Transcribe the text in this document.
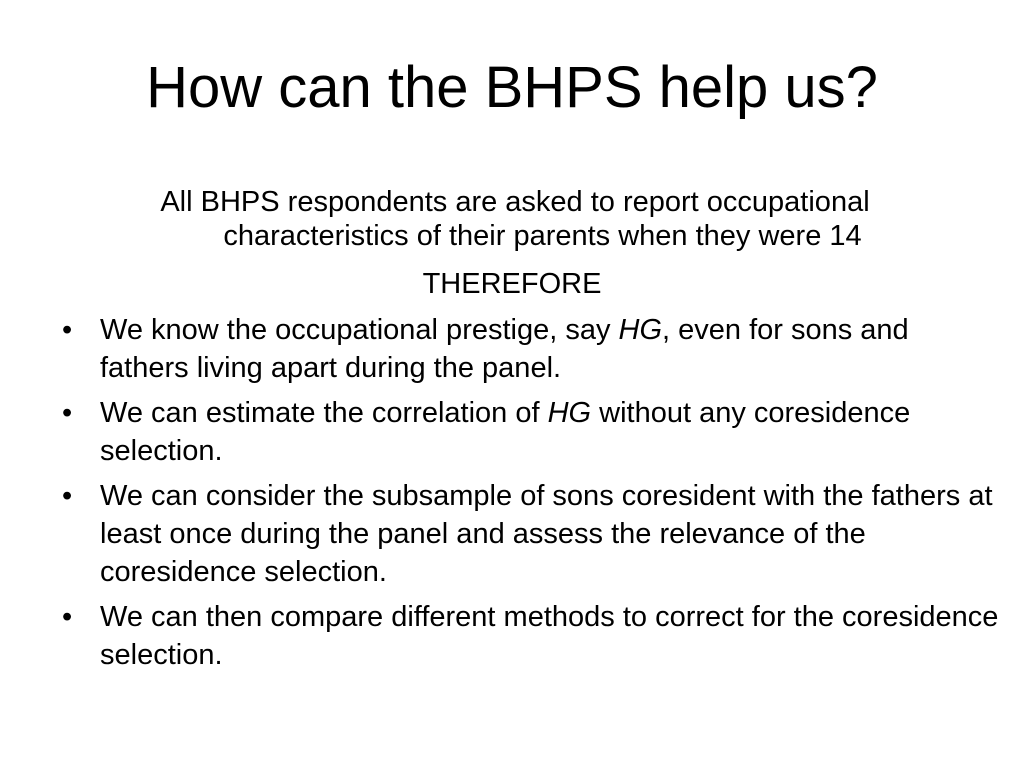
How can the BHPS help us?

All BHPS respondents are asked to report occupational characteristics of their parents when they were 14

THEREFORE

• We know the occupational prestige, say HG, even for sons and fathers living apart during the panel.
• We can estimate the correlation of HG without any coresidence selection.
• We can consider the subsample of sons coresident with the fathers at least once during the panel and assess the relevance of the coresidence selection.
• We can then compare different methods to correct for the coresidence selection.
